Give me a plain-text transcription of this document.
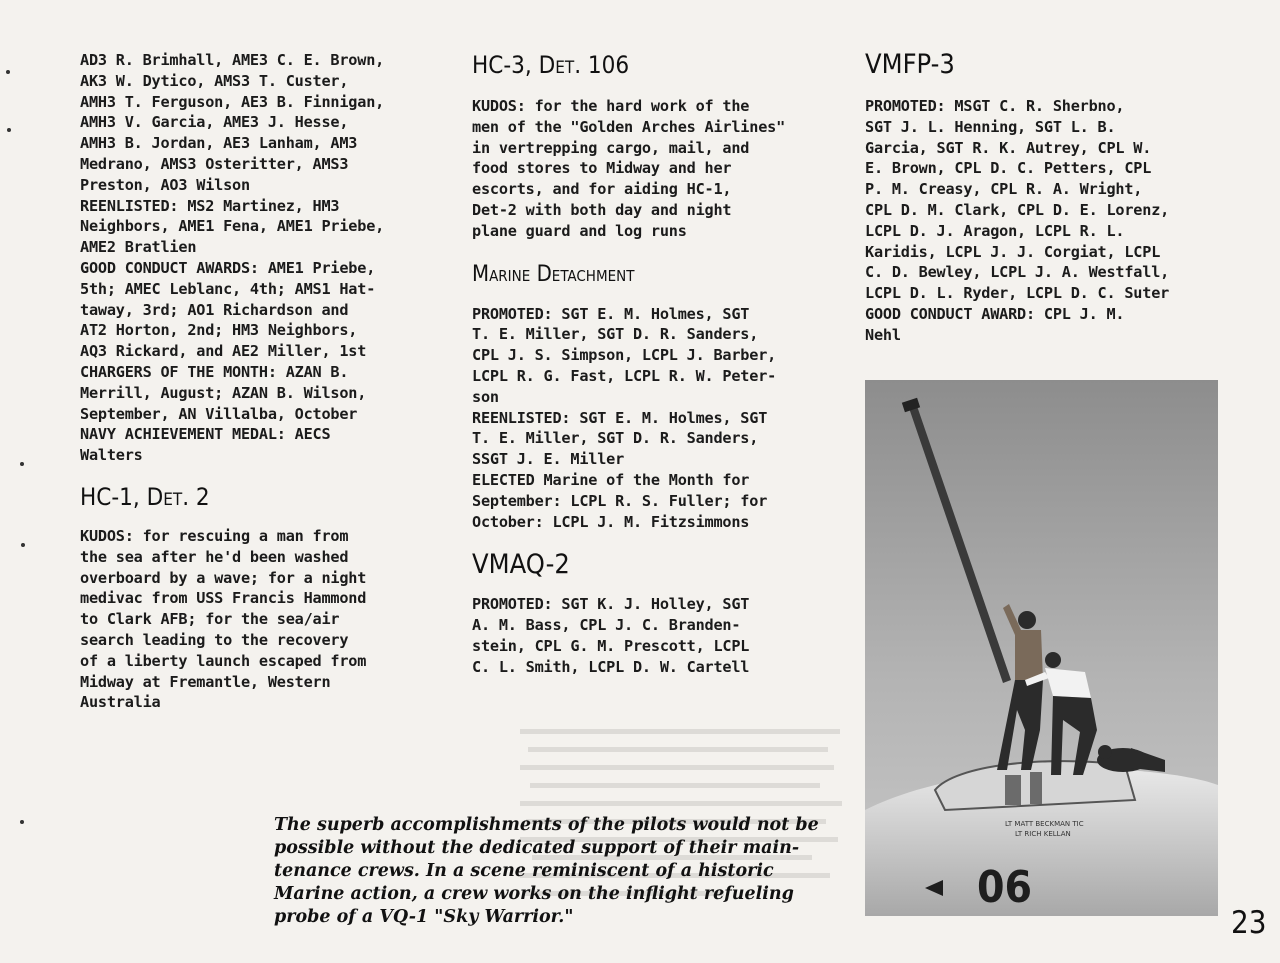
AD3 R. Brimhall, AME3 C. E. Brown,
AK3 W. Dytico, AMS3 T. Custer,
AMH3 T. Ferguson, AE3 B. Finnigan,
AMH3 V. Garcia, AME3 J. Hesse,
AMH3 B. Jordan, AE3 Lanham, AM3
Medrano, AMS3 Osteritter, AMS3
Preston, AO3 Wilson
REENLISTED: MS2 Martinez, HM3
Neighbors, AME1 Fena, AME1 Priebe,
AME2 Bratlien
GOOD CONDUCT AWARDS: AME1 Priebe,
5th; AMEC Leblanc, 4th; AMS1 Hat-
taway, 3rd; AO1 Richardson and
AT2 Horton, 2nd; HM3 Neighbors,
AQ3 Rickard, and AE2 Miller, 1st
CHARGERS OF THE MONTH: AZAN B.
Merrill, August; AZAN B. Wilson,
September, AN Villalba, October
NAVY ACHIEVEMENT MEDAL: AECS
Walters

HC-1, Det. 2

KUDOS: for rescuing a man from
the sea after he'd been washed
overboard by a wave; for a night
medivac from USS Francis Hammond
to Clark AFB; for the sea/air
search leading to the recovery
of a liberty launch escaped from
Midway at Fremantle, Western
Australia

HC-3, Det. 106

KUDOS: for the hard work of the
men of the "Golden Arches Airlines"
in vertrepping cargo, mail, and
food stores to Midway and her
escorts, and for aiding HC-1,
Det-2 with both day and night
plane guard and log runs

Marine Detachment

PROMOTED: SGT E. M. Holmes, SGT
T. E. Miller, SGT D. R. Sanders,
CPL J. S. Simpson, LCPL J. Barber,
LCPL R. G. Fast, LCPL R. W. Peter-
son
REENLISTED: SGT E. M. Holmes, SGT
T. E. Miller, SGT D. R. Sanders,
SSGT J. E. Miller
ELECTED Marine of the Month for
September: LCPL R. S. Fuller; for
October: LCPL J. M. Fitzsimmons

VMAQ-2

PROMOTED: SGT K. J. Holley, SGT
A. M. Bass, CPL J. C. Branden-
stein, CPL G. M. Prescott, LCPL
C. L. Smith, LCPL D. W. Cartell

VMFP-3

PROMOTED: MSGT C. R. Sherbno,
SGT J. L. Henning, SGT L. B.
Garcia, SGT R. K. Autrey, CPL W.
E. Brown, CPL D. C. Petters, CPL
P. M. Creasy, CPL R. A. Wright,
CPL D. M. Clark, CPL D. E. Lorenz,
LCPL D. J. Aragon, LCPL R. L.
Karidis, LCPL J. J. Corgiat, LCPL
C. D. Bewley, LCPL J. A. Westfall,
LCPL D. L. Ryder, LCPL D. C. Suter
GOOD CONDUCT AWARD: CPL J. M.
Nehl

LT MATT BECKMAN TIC
LT RICH KELLAN
06
The superb accomplishments of the pilots would not be
possible without the dedicated support of their main-
tenance crews. In a scene reminiscent of a historic
Marine action, a crew works on the inflight refueling
probe of a VQ-1 "Sky Warrior."	23
